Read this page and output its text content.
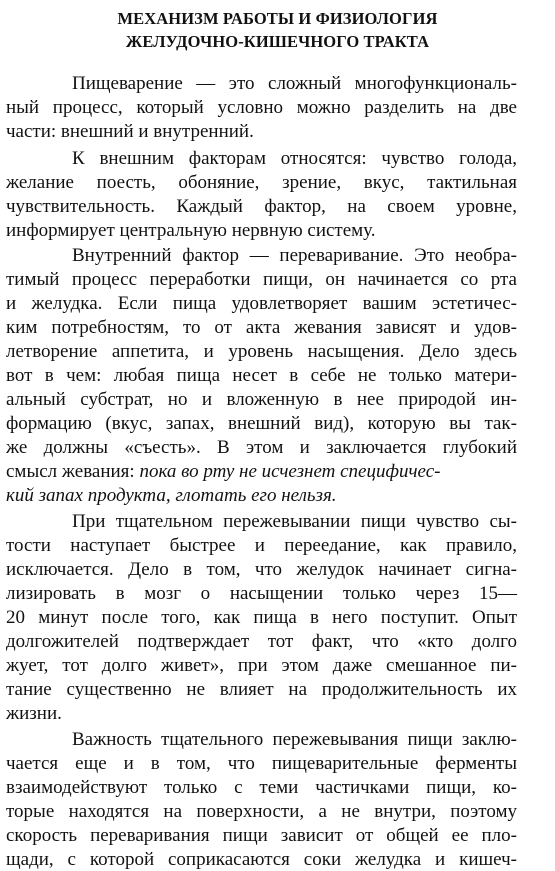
МЕХАНИЗМ РАБОТЫ И ФИЗИОЛОГИЯ
ЖЕЛУДОЧНО-КИШЕЧНОГО ТРАКТА
Пищеварение — это сложный многофункциональ-
ный процесс, который условно можно разделить на две
части: внешний и внутренний.
К внешним факторам относятся: чувство голода,
желание поесть, обоняние, зрение, вкус, тактильная
чувствительность. Каждый фактор, на своем уровне,
информирует центральную нервную систему.
Внутренний фактор — переваривание. Это необра-
тимый процесс переработки пищи, он начинается со рта
и желудка. Если пища удовлетворяет вашим эстетичес-
ким потребностям, то от акта жевания зависят и удов-
летворение аппетита, и уровень насыщения. Дело здесь
вот в чем: любая пища несет в себе не только матери-
альный субстрат, но и вложенную в нее природой ин-
формацию (вкус, запах, внешний вид), которую вы так-
же должны «съесть». В этом и заключается глубокий
смысл жевания: пока во рту не исчезнет специфичес-
кий запах продукта, глотать его нельзя.
При тщательном пережевывании пищи чувство сы-
тости наступает быстрее и переедание, как правило,
исключается. Дело в том, что желудок начинает сигна-
лизировать в мозг о насыщении только через 15—
20 минут после того, как пища в него поступит. Опыт
долгожителей подтверждает тот факт, что «кто долго
жует, тот долго живет», при этом даже смешанное пи-
тание существенно не влияет на продолжительность их
жизни.
Важность тщательного пережевывания пищи заклю-
чается еще и в том, что пищеварительные ферменты
взаимодействуют только с теми частичками пищи, ко-
торые находятся на поверхности, а не внутри, поэтому
скорость переваривания пищи зависит от общей ее пло-
щади, с которой соприкасаются соки желудка и кишеч-
